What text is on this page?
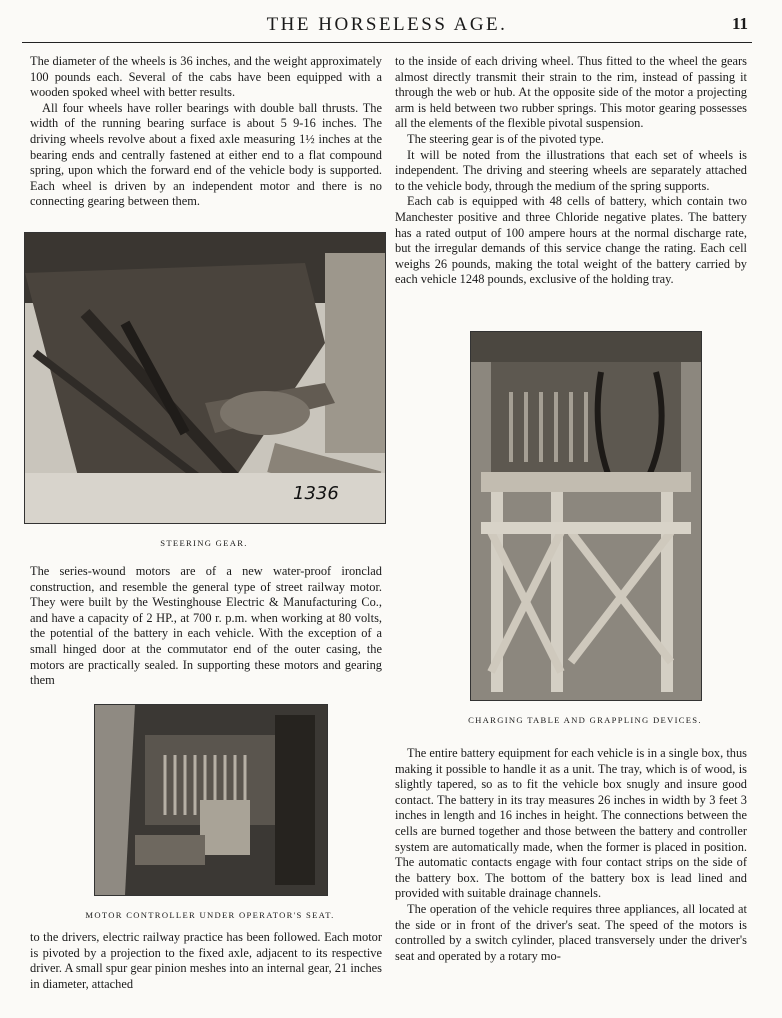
THE HORSELESS AGE.	11

The diameter of the wheels is 36 inches, and the weight approximately 100 pounds each. Several of the cabs have been equipped with a wooden spoked wheel with better results.

All four wheels have roller bearings with double ball thrusts. The width of the running bearing surface is about 5 9-16 inches. The driving wheels revolve about a fixed axle measuring 1½ inches at the bearing ends and centrally fastened at either end to a flat compound spring, upon which the forward end of the vehicle body is supported. Each wheel is driven by an independent motor and there is no connecting gearing between them.

1336
STEERING GEAR.

The series-wound motors are of a new water-proof ironclad construction, and resemble the general type of street railway motor. They were built by the Westinghouse Electric & Manufacturing Co., and have a capacity of 2 HP., at 700 r. p.m. when working at 80 volts, the potential of the battery in each vehicle. With the exception of a small hinged door at the commutator end of the outer casing, the motors are practically sealed. In supporting these motors and gearing them

MOTOR CONTROLLER UNDER OPERATOR'S SEAT.

to the drivers, electric railway practice has been followed. Each motor is pivoted by a projection to the fixed axle, adjacent to its respective driver. A small spur gear pinion meshes into an internal gear, 21 inches in diameter, attached

to the inside of each driving wheel. Thus fitted to the wheel the gears almost directly transmit their strain to the rim, instead of passing it through the web or hub. At the opposite side of the motor a projecting arm is held between two rubber springs. This motor gearing possesses all the elements of the flexible pivotal suspension.

The steering gear is of the pivoted type.

It will be noted from the illustrations that each set of wheels is independent. The driving and steering wheels are separately attached to the vehicle body, through the medium of the spring supports.

Each cab is equipped with 48 cells of battery, which contain two Manchester positive and three Chloride negative plates. The battery has a rated output of 100 ampere hours at the normal discharge rate, but the irregular demands of this service change the rating. Each cell weighs 26 pounds, making the total weight of the battery carried by each vehicle 1248 pounds, exclusive of the holding tray.

CHARGING TABLE AND GRAPPLING DEVICES.

The entire battery equipment for each vehicle is in a single box, thus making it possible to handle it as a unit. The tray, which is of wood, is slightly tapered, so as to fit the vehicle box snugly and insure good contact. The battery in its tray measures 26 inches in width by 3 feet 3 inches in length and 16 inches in height. The connections between the cells are burned together and those between the battery and controller system are automatically made, when the former is placed in position. The automatic contacts engage with four contact strips on the side of the battery box. The bottom of the battery box is lead lined and provided with suitable drainage channels.

The operation of the vehicle requires three appliances, all located at the side or in front of the driver's seat. The speed of the motors is controlled by a switch cylinder, placed transversely under the driver's seat and operated by a rotary mo-
